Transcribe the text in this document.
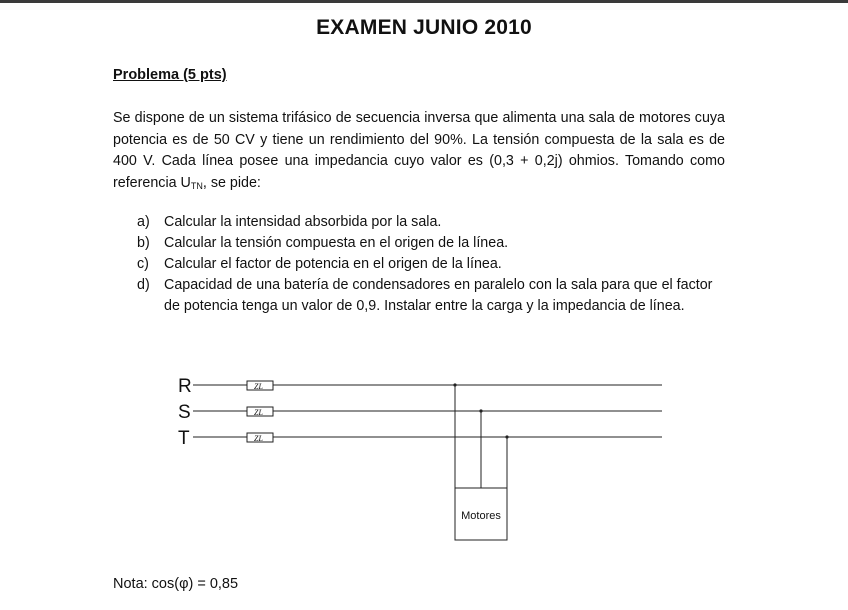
EXAMEN JUNIO 2010
Problema (5 pts)
Se dispone de un sistema trifásico de secuencia inversa que alimenta una sala de motores cuya potencia es de 50 CV y tiene un rendimiento del 90%. La tensión compuesta de la sala es de 400 V. Cada línea posee una impedancia cuyo valor es (0,3 + 0,2j) ohmios. Tomando como referencia $U_{TN}$, se pide:
a) Calcular la intensidad absorbida por la sala.
b) Calcular la tensión compuesta en el origen de la línea.
c) Calcular el factor de potencia en el origen de la línea.
d) Capacidad de una batería de condensadores en paralelo con la sala para que el factor de potencia tenga un valor de 0,9. Instalar entre la carga y la impedancia de línea.
R
S
T
ZL
ZL
ZL
Motores
Nota: cos(φ) = 0,85
